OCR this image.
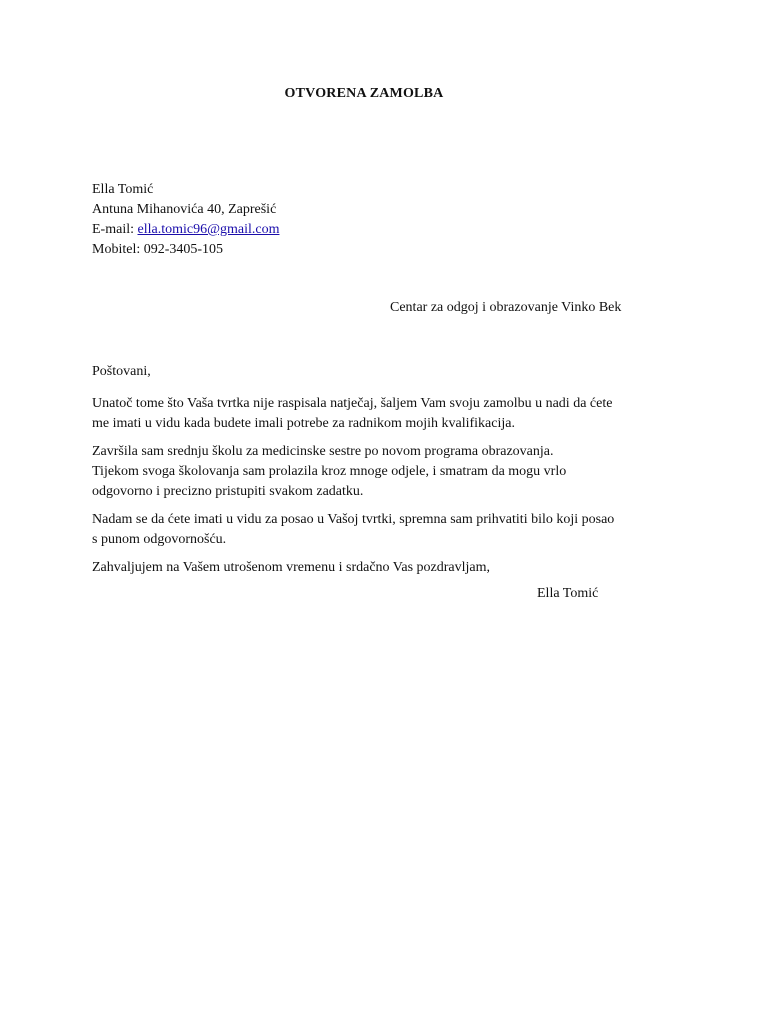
OTVORENA ZAMOLBA
Ella Tomić
Antuna Mihanovića 40, Zaprešić
E-mail: ella.tomic96@gmail.com
Mobitel: 092-3405-105
Centar za odgoj i obrazovanje Vinko Bek
Poštovani,

Unatoč tome što Vaša tvrtka nije raspisala natječaj, šaljem Vam svoju zamolbu u nadi da ćete
me imati u vidu kada budete imali potrebe za radnikom mojih kvalifikacija.

Završila sam srednju školu za medicinske sestre po novom programa obrazovanja.
Tijekom svoga školovanja sam prolazila kroz mnoge odjele, i smatram da mogu vrlo
odgovorno i precizno pristupiti svakom zadatku.

Nadam se da ćete imati u vidu za posao u Vašoj tvrtki, spremna sam prihvatiti bilo koji posao
s punom odgovornošću.

Zahvaljujem na Vašem utrošenom vremenu i srdačno Vas pozdravljam,

Ella Tomić
